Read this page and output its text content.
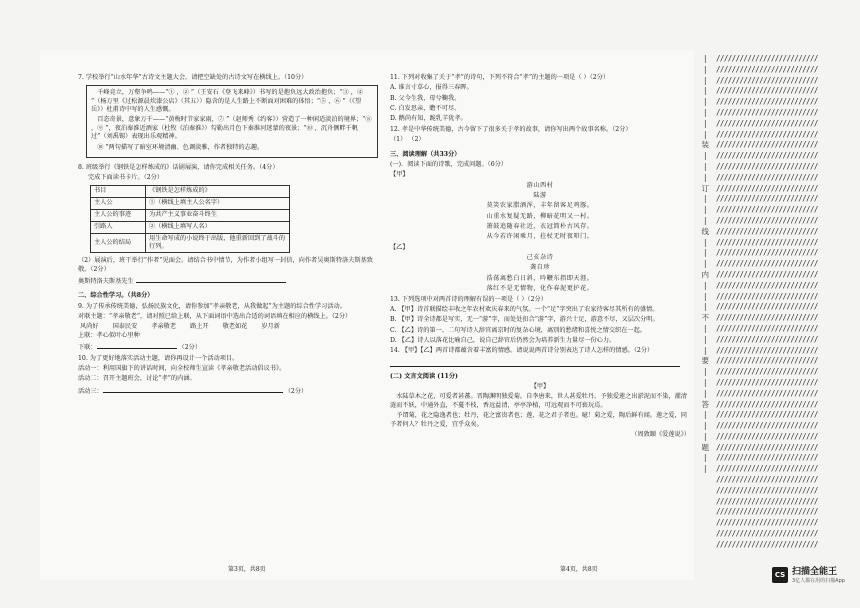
7. 学校举行“山水年华”古诗文主题大会，请把空缺处的古诗文写在横线上。（10分）

千峰竞立，万壑争鸣——“① ，② ”（王安石《登飞来峰》）书写的是抱负远大政治抱负；“③ ，④ ”（杨万里《过松源晨炊漆公店》（其五））隐含的是人生路上不断面对困难的体悟；“⑤ ，⑥ ”（《望岳》）杜甫诗中写的人生感慨。

百态奇景，意象万千——“黄梅时节家家雨，⑦ ”（赵师秀《约客》）营造了一种闲适淡泊的境界；“⑧ ，⑨ ”，夜泊秦淮近酒家（杜牧《泊秦淮》）勾勒出月色下秦淮河迷蒙的夜景；“⑩ ，沉舟侧畔千帆过”（刘禹锡）表现出乐观精神。

⑩ ”两句描写了暗室环境清幽、色调淡雅，作者独特的志趣。

8. 班级举行《钢铁是怎样炼成的》话剧展演，请你完成相关任务。（4分）

完成下面读书卡片。（2分）

书目	《钢铁是怎样炼成的》
主人公	①（横线上填主人公名字）
主人公的事迹	为共产主义事业奋斗终生
引路人	②（横线上填写人名）
主人公的结局	用生命写成的小说终于出版，他重新回到了战斗的行列。

（2）展演后，班干举行“作者”见面会。请结合书中情节，为作者小组写一封信，向作者吴奥斯特洛夫斯基致敬。（2分）

奥斯特洛夫斯基先生

二、综合性学习。（共8分）

9. 为了传承传统美德，弘扬民族文化，请你参加“孝亲敬老，从我做起”为主题的综合性学习活动。

对联主题：“孝亲敬老”，请对照已给上联，从下面词语中选出合适的词语填在相应的横线上。（2分）

风尚好 国泰民安 孝亲敬老 路上开 敬老如花 岁月新

上联：孝心似叶心里种

下联：	（2分）

10. 为了更好地落实活动主题，请你再设计一个活动项目。

活动一：利用国旗下的讲话时间，向全校师生宣读《孝亲敬老活动倡议书》。

活动二：召开主题班会，讨论“孝”的内涵。

活动三：	（2分）

第3页，共8页

11. 下列对收集了关于“孝”的诗句，下列不符合“孝”的主题的一项是（ ）（2分）

A. 谁言寸草心，报得三春晖。

B. 父今生我，母兮鞠我。

C. 白发思亲，瞻不可尽。

D. 鹅尚有知，跪乳羊犹孝。

12. 孝是中华传统美德，古今留下了很多关于孝的故事，请你写出两个故事名称。（2分）

（1） （2）

三、阅读理解（共33分）

(一)．阅读下面的诗歌，完成问题。（6分）

【甲】

游山西村

陆游

莫笑农家腊酒浑，丰年留客足鸡豚。

山重水复疑无路，柳暗花明又一村。

箫鼓追随春社近，衣冠简朴古风存。

从今若许闲乘月，拄杖无时夜叩门。

【乙】

己亥杂诗

龚自珍

浩荡离愁白日斜，吟鞭东指即天涯。

落红不是无情物，化作春泥更护花。

13. 下列选项中对两首诗的理解有误的一项是（ ）（2分）

A. 【甲】诗首联描绘丰收之年农村欢庆春来的气氛。一个“足”字突出了农家待客尽其所有的盛情。

B. 【甲】诗全诗都是写实，无一“游”字，而处处扣合“游”字，游兴十足，游意不尽，又层次分明。

C. 【乙】诗的第一、二句写诗人辞官离京时的复杂心境，离别的愁绪和喜悦之情交织在一起。

D. 【乙】诗人以落花比喻自己，说自己辞官后仍然会为培养新生力量尽一份心力。

14. 【甲】【乙】两首诗都蕴含着丰富的情感。请说说两首诗分别表达了诗人怎样的情感。（2分）

(二) 文言文阅读 (11分)

【甲】

水陆草木之花，可爱者甚蕃。晋陶渊明独爱菊。自李唐来，世人甚爱牡丹。予独爱莲之出淤泥而不染，濯清涟而不妖，中通外直，不蔓不枝，香远益清，亭亭净植，可远观而不可亵玩焉。

予谓菊，花之隐逸者也；牡丹，花之富贵者也；莲，花之君子者也。噫！菊之爱，陶后鲜有闻。莲之爱，同予者何人？牡丹之爱，宜乎众矣。

（周敦颐《爱莲说》）

第4页，共8页
|
|
|
|
|
|
|
|
装
|
|
|
订
|
|
|
线
|
|
|
内
|
|
|
不
|
|
|
要
|
|
|
答
|
|
|
题
|
|
//////////////////////////
//////////////////////////
//////////////////////////
//////////////////////////
//////////////////////////
//////////////////////////
//////////////////////////
//////////////////////////
//////////////////////////
//////////////////////////
//////////////////////////
//////////////////////////
//////////////////////////
//////////////////////////
//////////////////////////
//////////////////////////
//////////////////////////
//////////////////////////
//////////////////////////
//////////////////////////
//////////////////////////
//////////////////////////
//////////////////////////
//////////////////////////
//////////////////////////
//////////////////////////
//////////////////////////
//////////////////////////
//////////////////////////
//////////////////////////
//////////////////////////
//////////////////////////
//////////////////////////
//////////////////////////
//////////////////////////
//////////////////////////
//////////////////////////
//////////////////////////
//////////////////////////
//////////////////////////
//////////////////////////
//////////////////////////
//////////////////////////
//////////////////////////
//////////////////////////
//////////////////////////

CS 扫描全能王
3亿人都在用的扫描App
